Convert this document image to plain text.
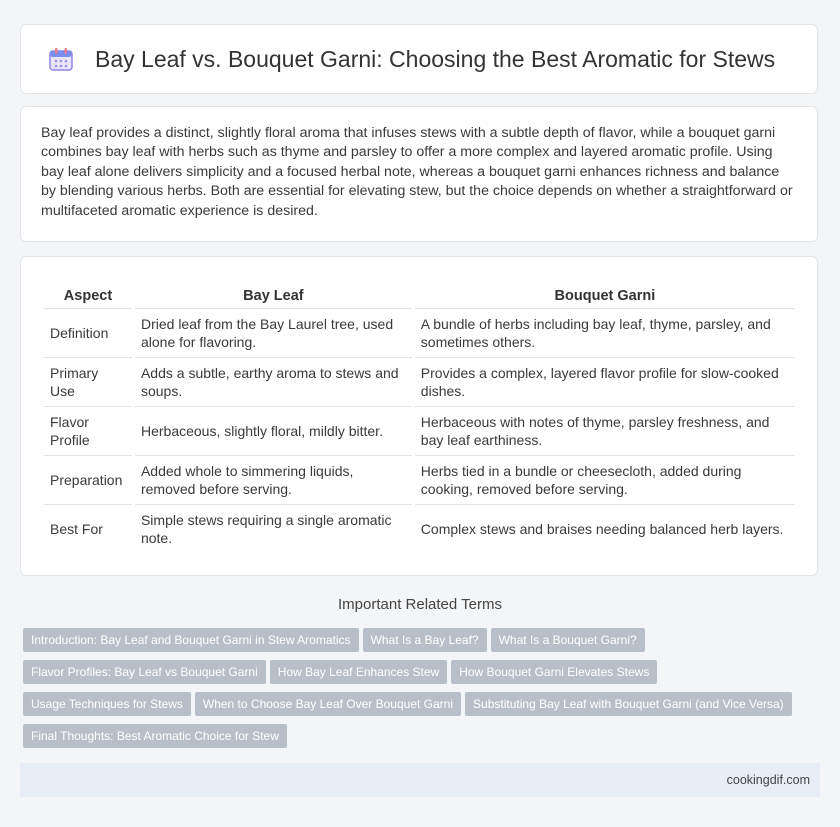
Bay Leaf vs. Bouquet Garni: Choosing the Best Aromatic for Stews

Bay leaf provides a distinct, slightly floral aroma that infuses stews with a subtle depth of flavor, while a bouquet garni combines bay leaf with herbs such as thyme and parsley to offer a more complex and layered aromatic profile. Using bay leaf alone delivers simplicity and a focused herbal note, whereas a bouquet garni enhances richness and balance by blending various herbs. Both are essential for elevating stew, but the choice depends on whether a straightforward or multifaceted aromatic experience is desired.

Aspect	Bay Leaf	Bouquet Garni
Definition	Dried leaf from the Bay Laurel tree, used alone for flavoring.	A bundle of herbs including bay leaf, thyme, parsley, and sometimes others.
Primary Use	Adds a subtle, earthy aroma to stews and soups.	Provides a complex, layered flavor profile for slow-cooked dishes.
Flavor Profile	Herbaceous, slightly floral, mildly bitter.	Herbaceous with notes of thyme, parsley freshness, and bay leaf earthiness.
Preparation	Added whole to simmering liquids, removed before serving.	Herbs tied in a bundle or cheesecloth, added during cooking, removed before serving.
Best For	Simple stews requiring a single aromatic note.	Complex stews and braises needing balanced herb layers.
Important Related Terms
Introduction: Bay Leaf and Bouquet Garni in Stew Aromatics What Is a Bay Leaf? What Is a Bouquet Garni?
Flavor Profiles: Bay Leaf vs Bouquet Garni How Bay Leaf Enhances Stew How Bouquet Garni Elevates Stews
Usage Techniques for Stews When to Choose Bay Leaf Over Bouquet Garni Substituting Bay Leaf with Bouquet Garni (and Vice Versa)
Final Thoughts: Best Aromatic Choice for Stew
cookingdif.com
